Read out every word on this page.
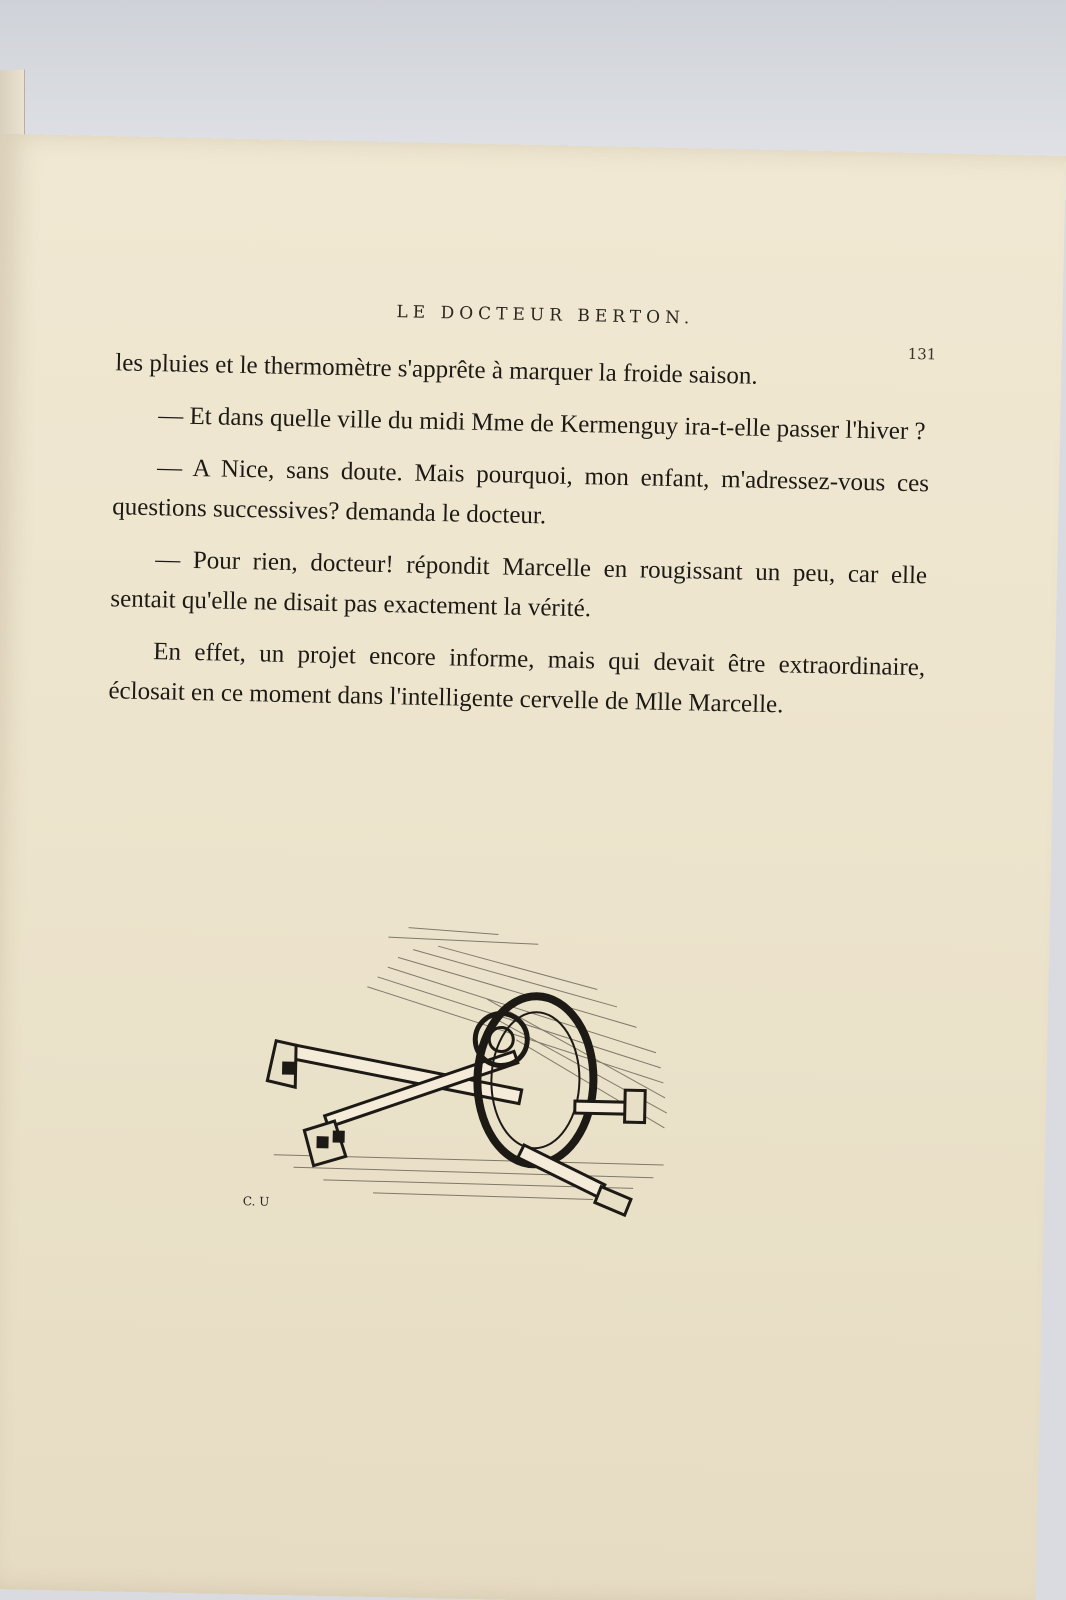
LE DOCTEUR BERTON.
131

les pluies et le thermomètre s'apprête à marquer la froide saison.

— Et dans quelle ville du midi Mme de Kermenguy ira-t-elle passer l'hiver ?

— A Nice, sans doute. Mais pourquoi, mon enfant, m'adressez-vous ces questions successives? demanda le docteur.

— Pour rien, docteur! répondit Marcelle en rougissant un peu, car elle sentait qu'elle ne disait pas exactement la vérité.

En effet, un projet encore informe, mais qui devait être extraordinaire, éclosait en ce moment dans l'intelligente cervelle de Mlle Marcelle.

C. U
